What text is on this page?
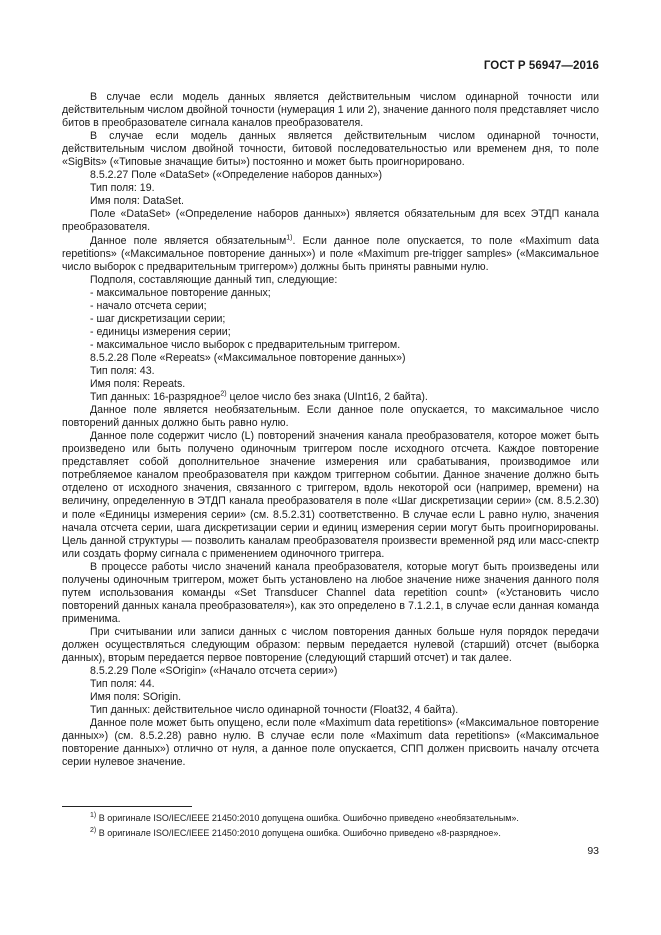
ГОСТ Р 56947—2016

В случае если модель данных является действительным числом одинарной точности или действительным числом двойной точности (нумерация 1 или 2), значение данного поля представляет число битов в преобразователе сигнала каналов преобразователя.

В случае если модель данных является действительным числом одинарной точности, действительным числом двойной точности, битовой последовательностью или временем дня, то поле «SigBits» («Типовые значащие биты») постоянно и может быть проигнорировано.

8.5.2.27 Поле «DataSet» («Определение наборов данных»)

Тип поля: 19.

Имя поля: DataSet.

Поле «DataSet» («Определение наборов данных») является обязательным для всех ЭТДП канала преобразователя.

Данное поле является обязательным$^{1)}$. Если данное поле опускается, то поле «Maximum data repetitions» («Максимальное повторение данных») и поле «Maximum pre-trigger samples» («Максимальное число выборок с предварительным триггером») должны быть приняты равными нулю.

Подполя, составляющие данный тип, следующие:

- максимальное повторение данных;

- начало отсчета серии;

- шаг дискретизации серии;

- единицы измерения серии;

- максимальное число выборок с предварительным триггером.

8.5.2.28 Поле «Repeats» («Максимальное повторение данных»)

Тип поля: 43.

Имя поля: Repeats.

Тип данных: 16-разрядное$^{2)}$ целое число без знака (UInt16, 2 байта).

Данное поле является необязательным. Если данное поле опускается, то максимальное число повторений данных должно быть равно нулю.

Данное поле содержит число (L) повторений значения канала преобразователя, которое может быть произведено или быть получено одиночным триггером после исходного отсчета. Каждое повторение представляет собой дополнительное значение измерения или срабатывания, производимое или потребляемое каналом преобразователя при каждом триггерном событии. Данное значение должно быть отделено от исходного значения, связанного с триггером, вдоль некоторой оси (например, времени) на величину, определенную в ЭТДП канала преобразователя в поле «Шаг дискретизации серии» (см. 8.5.2.30) и поле «Единицы измерения серии» (см. 8.5.2.31) соответственно. В случае если L равно нулю, значения начала отсчета серии, шага дискретизации серии и единиц измерения серии могут быть проигнорированы. Цель данной структуры — позволить каналам преобразователя произвести временной ряд или масс-спектр или создать форму сигнала с применением одиночного триггера.

В процессе работы число значений канала преобразователя, которые могут быть произведены или получены одиночным триггером, может быть установлено на любое значение ниже значения данного поля путем использования команды «Set Transducer Channel data repetition count» («Установить число повторений данных канала преобразователя»), как это определено в 7.1.2.1, в случае если данная команда применима.

При считывании или записи данных с числом повторения данных больше нуля порядок передачи должен осуществляться следующим образом: первым передается нулевой (старший) отсчет (выборка данных), вторым передается первое повторение (следующий старший отсчет) и так далее.

8.5.2.29 Поле «SOrigin» («Начало отсчета серии»)

Тип поля: 44.

Имя поля: SOrigin.

Тип данных: действительное число одинарной точности (Float32, 4 байта).

Данное поле может быть опущено, если поле «Maximum data repetitions» («Максимальное повторение данных») (см. 8.5.2.28) равно нулю. В случае если поле «Maximum data repetitions» («Максимальное повторение данных») отлично от нуля, а данное поле опускается, СПП должен присвоить началу отсчета серии нулевое значение.

$^{1)}$ В оригинале ISO/IEC/IEEE 21450:2010 допущена ошибка. Ошибочно приведено «необязательным».

$^{2)}$ В оригинале ISO/IEC/IEEE 21450:2010 допущена ошибка. Ошибочно приведено «8-разрядное».

93
